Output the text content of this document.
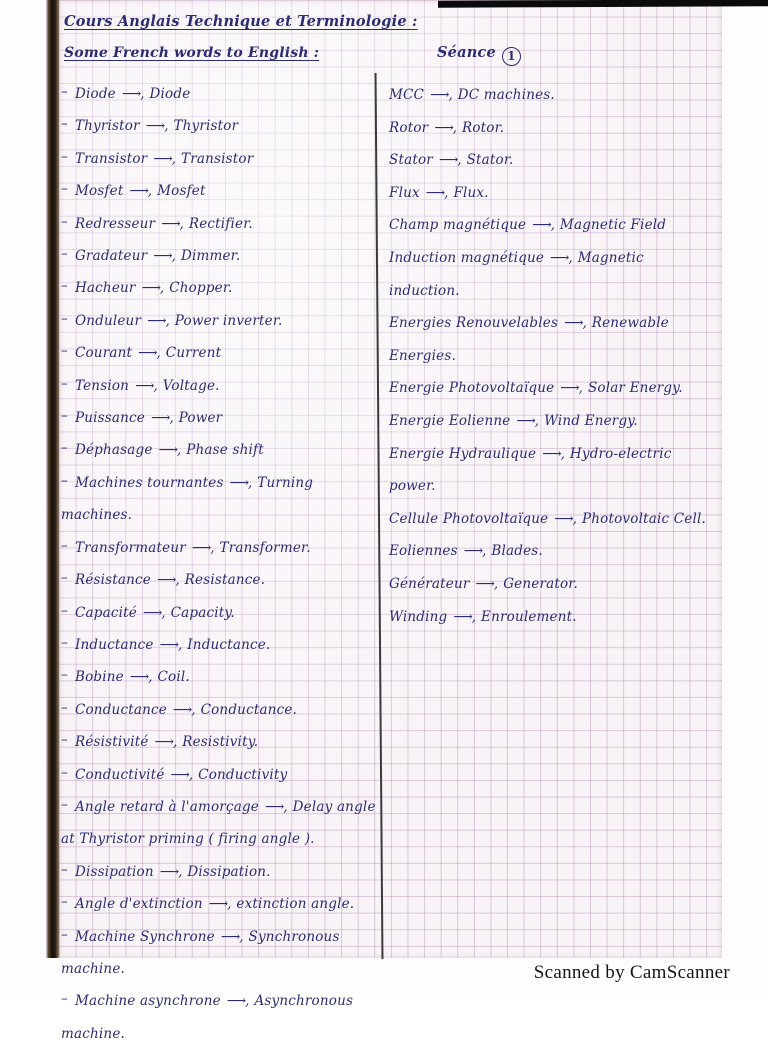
Cours Anglais Technique et Terminologie :
Some French words to English :	Séance 1
– Diode ⟶, Diode
– Thyristor ⟶, Thyristor
– Transistor ⟶, Transistor
– Mosfet ⟶, Mosfet
– Redresseur ⟶, Rectifier.
– Gradateur ⟶, Dimmer.
– Hacheur ⟶, Chopper.
– Onduleur ⟶, Power inverter.
– Courant ⟶, Current
– Tension ⟶, Voltage.
– Puissance ⟶, Power
– Déphasage ⟶, Phase shift
– Machines tournantes ⟶, Turning machines.
– Transformateur ⟶, Transformer.
– Résistance ⟶, Resistance.
– Capacité ⟶, Capacity.
– Inductance ⟶, Inductance.
– Bobine ⟶, Coil.
– Conductance ⟶, Conductance.
– Résistivité ⟶, Resistivity.
– Conductivité ⟶, Conductivity
– Angle retard à l'amorçage ⟶, Delay angle at Thyristor priming ( firing angle ).
– Dissipation ⟶, Dissipation.
– Angle d'extinction ⟶, extinction angle.
– Machine Synchrone ⟶, Synchronous machine.
– Machine asynchrone ⟶, Asynchronous machine.
MCC ⟶, DC machines.
Rotor ⟶, Rotor.
Stator ⟶, Stator.
Flux ⟶, Flux.
Champ magnétique ⟶, Magnetic Field
Induction magnétique ⟶, Magnetic induction.
Energies Renouvelables ⟶, Renewable Energies.
Energie Photovoltaïque ⟶, Solar Energy.
Energie Eolienne ⟶, Wind Energy.
Energie Hydraulique ⟶, Hydro-electric power.
Cellule Photovoltaïque ⟶, Photovoltaic Cell.
Eoliennes ⟶, Blades.
Générateur ⟶, Generator.
Winding ⟶, Enroulement.
Scanned by CamScanner
